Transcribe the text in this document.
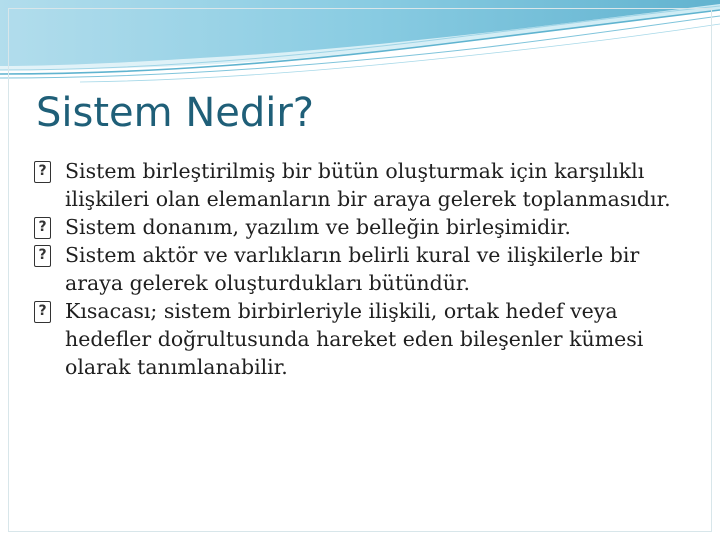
Sistem Nedir?
?
Sistem birleştirilmiş bir bütün oluşturmak için karşılıklı ilişkileri olan elemanların bir araya gelerek toplanmasıdır.
?
Sistem donanım, yazılım ve belleğin birleşimidir.
?
Sistem aktör ve varlıkların belirli kural ve ilişkilerle bir araya gelerek oluşturdukları bütündür.
?
Kısacası; sistem birbirleriyle ilişkili, ortak hedef veya hedefler doğrultusunda hareket eden bileşenler kümesi olarak tanımlanabilir.
